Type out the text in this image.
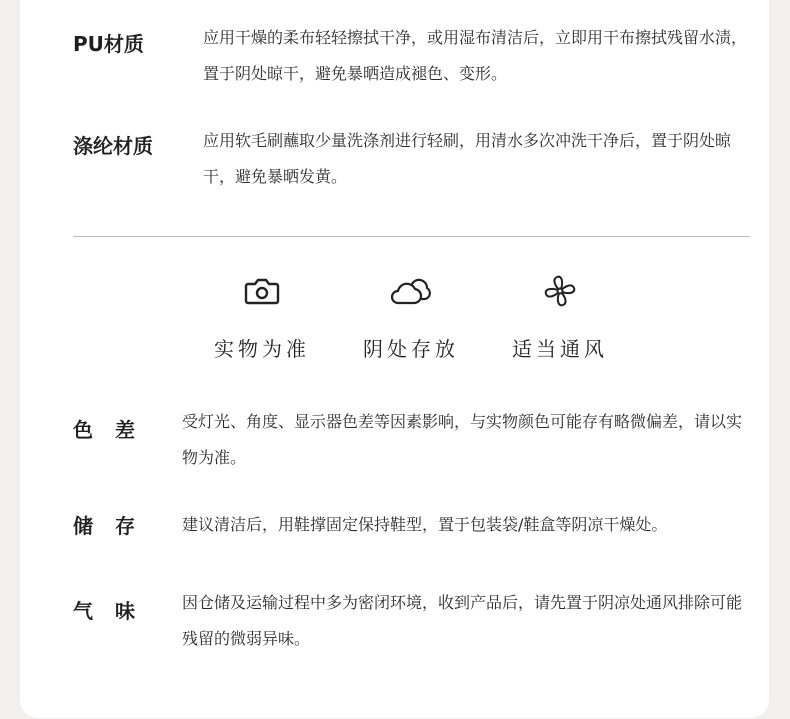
PU材质	应用干燥的柔布轻轻擦拭干净，或用湿布清洁后，立即用干布擦拭残留水渍，置于阴处晾干，避免暴晒造成褪色、变形。
涤纶材质	应用软毛刷蘸取少量洗涤剂进行轻刷，用清水多次冲洗干净后，置于阴处晾干，避免暴晒发黄。
实物为准	阴处存放	适当通风
色差 受灯光、角度、显示器色差等因素影响，与实物颜色可能存有略微偏差，请以实物为准。
储存 建议清洁后，用鞋撑固定保持鞋型，置于包装袋/鞋盒等阴凉干燥处。
气味 因仓储及运输过程中多为密闭环境，收到产品后，请先置于阴凉处通风排除可能残留的微弱异味。
